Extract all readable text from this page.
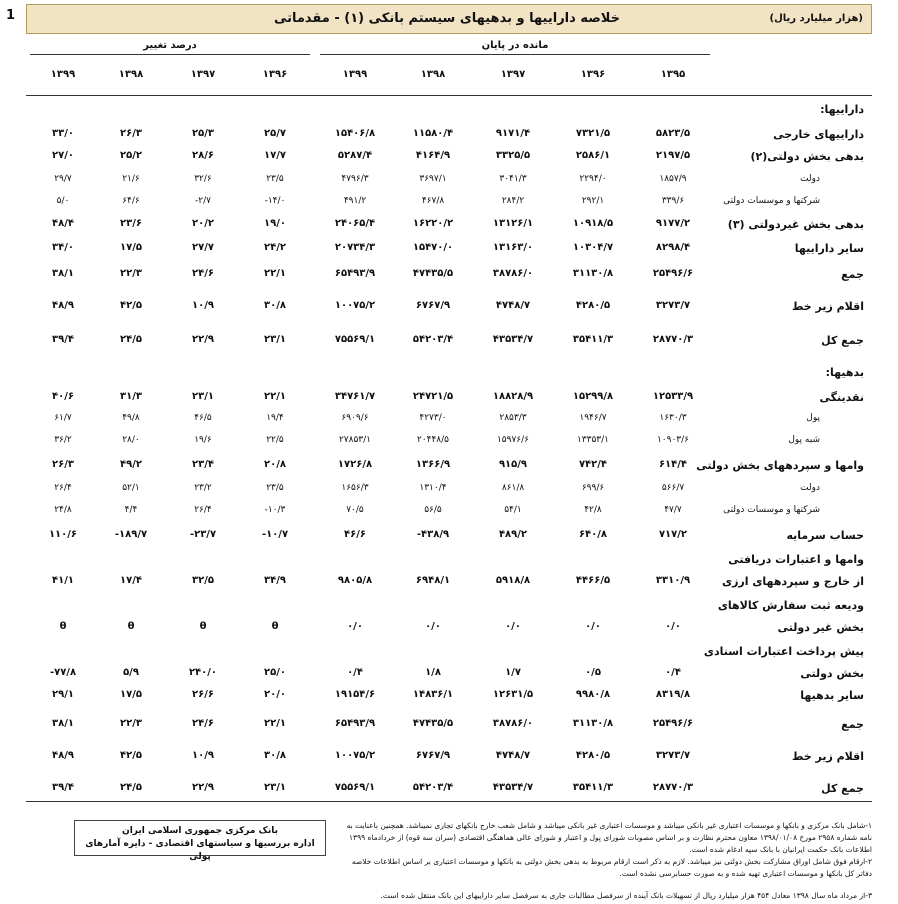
1	خلاصه داراییها و بدهیهای سیستم بانکی (۱) - مقدماتی	(هزار میلیارد ریال)
مانده در پایان
درصد تغییر
۱۳۹۵
۱۳۹۶
۱۳۹۷
۱۳۹۸
۱۳۹۹
۱۳۹۶
۱۳۹۷
۱۳۹۸
۱۳۹۹
داراییها:
داراییهای خارجی
۵۸۲۳/۵
۷۳۲۱/۵
۹۱۷۱/۴
۱۱۵۸۰/۴
۱۵۴۰۶/۸
۲۵/۷
۲۵/۳
۲۶/۳
۳۳/۰
بدهی بخش دولتی(۲)
۲۱۹۷/۵
۲۵۸۶/۱
۳۳۲۵/۵
۴۱۶۴/۹
۵۲۸۷/۴
۱۷/۷
۲۸/۶
۲۵/۲
۲۷/۰
دولت
۱۸۵۷/۹
۲۲۹۴/۰
۳۰۴۱/۳
۳۶۹۷/۱
۴۷۹۶/۳
۲۳/۵
۳۲/۶
۲۱/۶
۲۹/۷
شرکتها و موسسات دولتی
۳۳۹/۶
۲۹۲/۱
۲۸۴/۲
۴۶۷/۸
۴۹۱/۲
-۱۴/۰
-۲/۷
۶۴/۶
۵/۰
بدهی بخش غیردولتی (۳)
۹۱۷۷/۲
۱۰۹۱۸/۵
۱۳۱۲۶/۱
۱۶۲۲۰/۲
۲۴۰۶۵/۴
۱۹/۰
۲۰/۲
۲۳/۶
۴۸/۴
سایر داراییها
۸۲۹۸/۴
۱۰۳۰۴/۷
۱۳۱۶۳/۰
۱۵۴۷۰/۰
۲۰۷۳۴/۳
۲۴/۲
۲۷/۷
۱۷/۵
۳۴/۰
جمع
۲۵۴۹۶/۶
۳۱۱۳۰/۸
۳۸۷۸۶/۰
۴۷۴۳۵/۵
۶۵۴۹۳/۹
۲۲/۱
۲۴/۶
۲۲/۳
۳۸/۱
اقلام زیر خط
۳۲۷۳/۷
۴۲۸۰/۵
۴۷۴۸/۷
۶۷۶۷/۹
۱۰۰۷۵/۲
۳۰/۸
۱۰/۹
۴۲/۵
۴۸/۹
جمع کل
۲۸۷۷۰/۳
۳۵۴۱۱/۳
۴۳۵۳۴/۷
۵۴۲۰۳/۴
۷۵۵۶۹/۱
۲۳/۱
۲۲/۹
۲۴/۵
۳۹/۴
بدهیها:
نقدینگی
۱۲۵۳۳/۹
۱۵۲۹۹/۸
۱۸۸۲۸/۹
۲۴۷۲۱/۵
۳۴۷۶۱/۷
۲۲/۱
۲۳/۱
۳۱/۳
۴۰/۶
پول
۱۶۳۰/۳
۱۹۴۶/۷
۲۸۵۳/۳
۴۲۷۳/۰
۶۹۰۹/۶
۱۹/۴
۴۶/۵
۴۹/۸
۶۱/۷
شبه پول
۱۰۹۰۳/۶
۱۳۳۵۳/۱
۱۵۹۷۶/۶
۲۰۴۴۸/۵
۲۷۸۵۳/۱
۲۲/۵
۱۹/۶
۲۸/۰
۳۶/۲
وامها و سپردههای بخش دولتی
۶۱۴/۴
۷۴۲/۴
۹۱۵/۹
۱۳۶۶/۹
۱۷۲۶/۸
۲۰/۸
۲۳/۴
۴۹/۲
۲۶/۳
دولت
۵۶۶/۷
۶۹۹/۶
۸۶۱/۸
۱۳۱۰/۴
۱۶۵۶/۳
۲۳/۵
۲۳/۲
۵۲/۱
۲۶/۴
شرکتها و موسسات دولتی
۴۷/۷
۴۲/۸
۵۴/۱
۵۶/۵
۷۰/۵
-۱۰/۳
۲۶/۴
۴/۴
۲۴/۸
حساب سرمایه
۷۱۷/۲
۶۴۰/۸
۴۸۹/۲
-۴۳۸/۹
۴۶/۶
-۱۰/۷
-۲۳/۷
-۱۸۹/۷
۱۱۰/۶
وامها و اعتبارات دریافتی
از خارج و سپردههای ارزی
۳۳۱۰/۹
۴۴۶۶/۵
۵۹۱۸/۸
۶۹۴۸/۱
۹۸۰۵/۸
۳۴/۹
۳۲/۵
۱۷/۴
۴۱/۱
ودیعه ثبت سفارش کالاهای
بخش غیر دولتی
۰/۰
۰/۰
۰/۰
۰/۰
۰/۰
θ
θ
θ
θ
پیش پرداخت اعتبارات اسنادی
بخش دولتی
۰/۴
۰/۵
۱/۷
۱/۸
۰/۴
۲۵/۰
۲۴۰/۰
۵/۹
-۷۷/۸
سایر بدهیها
۸۳۱۹/۸
۹۹۸۰/۸
۱۲۶۳۱/۵
۱۴۸۳۶/۱
۱۹۱۵۴/۶
۲۰/۰
۲۶/۶
۱۷/۵
۲۹/۱
جمع
۲۵۴۹۶/۶
۳۱۱۳۰/۸
۳۸۷۸۶/۰
۴۷۴۳۵/۵
۶۵۴۹۳/۹
۲۲/۱
۲۴/۶
۲۲/۳
۳۸/۱
اقلام زیر خط
۳۲۷۳/۷
۴۲۸۰/۵
۴۷۴۸/۷
۶۷۶۷/۹
۱۰۰۷۵/۲
۳۰/۸
۱۰/۹
۴۲/۵
۴۸/۹
جمع کل
۲۸۷۷۰/۳
۳۵۴۱۱/۳
۴۳۵۳۴/۷
۵۴۲۰۳/۴
۷۵۵۶۹/۱
۲۳/۱
۲۲/۹
۲۴/۵
۳۹/۴
بانک مرکزی جمهوری اسلامی ایران
اداره بررسیها و سیاستهای اقتصادی - دایره آمارهای پولی
۱-شامل بانک مرکزی و بانکها و موسسات اعتباری غیر بانکی میباشد و موسسات اعتباری غیر بانکی میباشد و شامل شعب خارج بانکهای تجاری نمیباشد. همچنین باعنایت به نامه شماره ۲۹۵۸ مورخ ۱۳۹۸/۰۱/۰۸ معاون محترم نظارت و بر اساس مصوبات شورای پول و اعتبار و شورای عالی هماهنگی اقتصادی (سران سه قوه) از خردادماه ۱۳۹۹ اطلاعات بانک حکمت ایرانیان با بانک سپه ادغام شده است.
۲-ارقام فوق شامل اوراق مشارکت بخش دولتی نیز میباشد. لازم به ذکر است ارقام مربوط به بدهی بخش دولتی به بانکها و موسسات اعتباری بر اساس اطلاعات خلاصه دفاتر کل بانکها و موسسات اعتباری تهیه شده و به صورت حسابرسی نشده است.
۳-از مرداد ماه سال ۱۳۹۸ معادل ۴۵۴ هزار میلیارد ریال از تسهیلات بانک آینده از سرفصل مطالبات جاری به سرفصل سایر داراییهای این بانک منتقل شده است.
